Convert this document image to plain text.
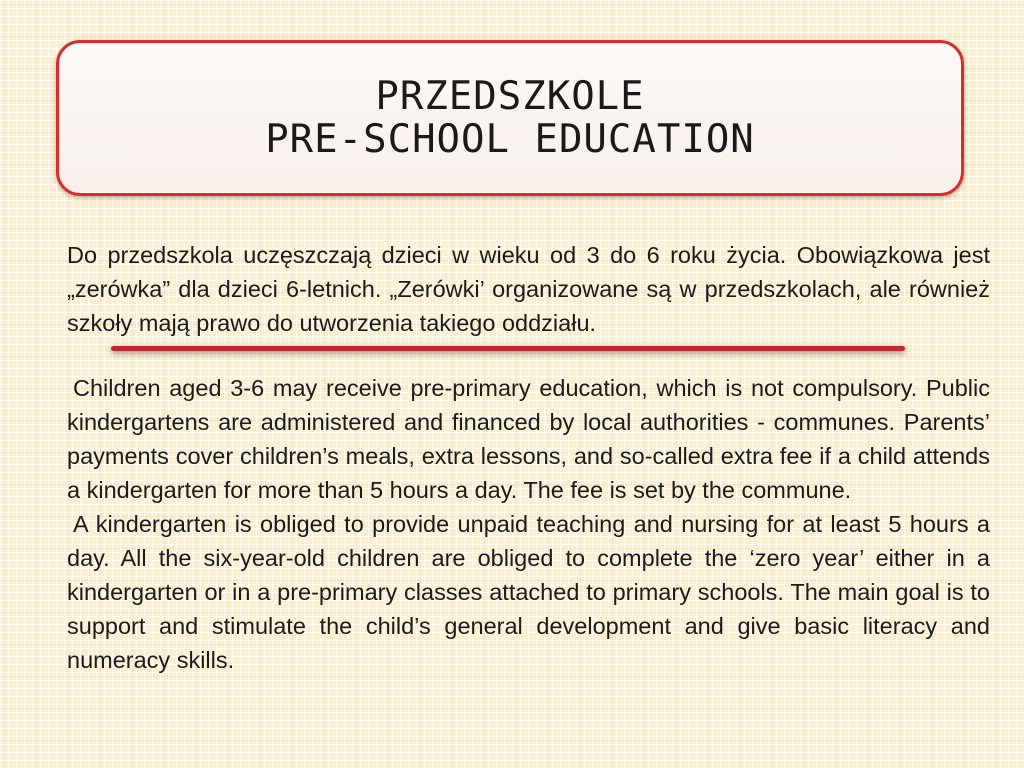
PRZEDSZKOLE
PRE-SCHOOL EDUCATION

Do przedszkola uczęszczają dzieci w wieku od 3 do 6 roku życia. Obowiązkowa jest „zerówka” dla dzieci 6-letnich. „Zerówki’ organizowane są w przedszkolach, ale również szkoły mają prawo do utworzenia takiego oddziału.

Children aged 3-6 may receive pre-primary education, which is not compulsory. Public kindergartens are administered and financed by local authorities - communes. Parents’ payments cover children’s meals, extra lessons, and so-called extra fee if a child attends a kindergarten for more than 5 hours a day. The fee is set by the commune.

A kindergarten is obliged to provide unpaid teaching and nursing for at least 5 hours a day. All the six-year-old children are obliged to complete the ‘zero year’ either in a kindergarten or in a pre-primary classes attached to primary schools. The main goal is to support and stimulate the child’s general development and give basic literacy and numeracy skills.
